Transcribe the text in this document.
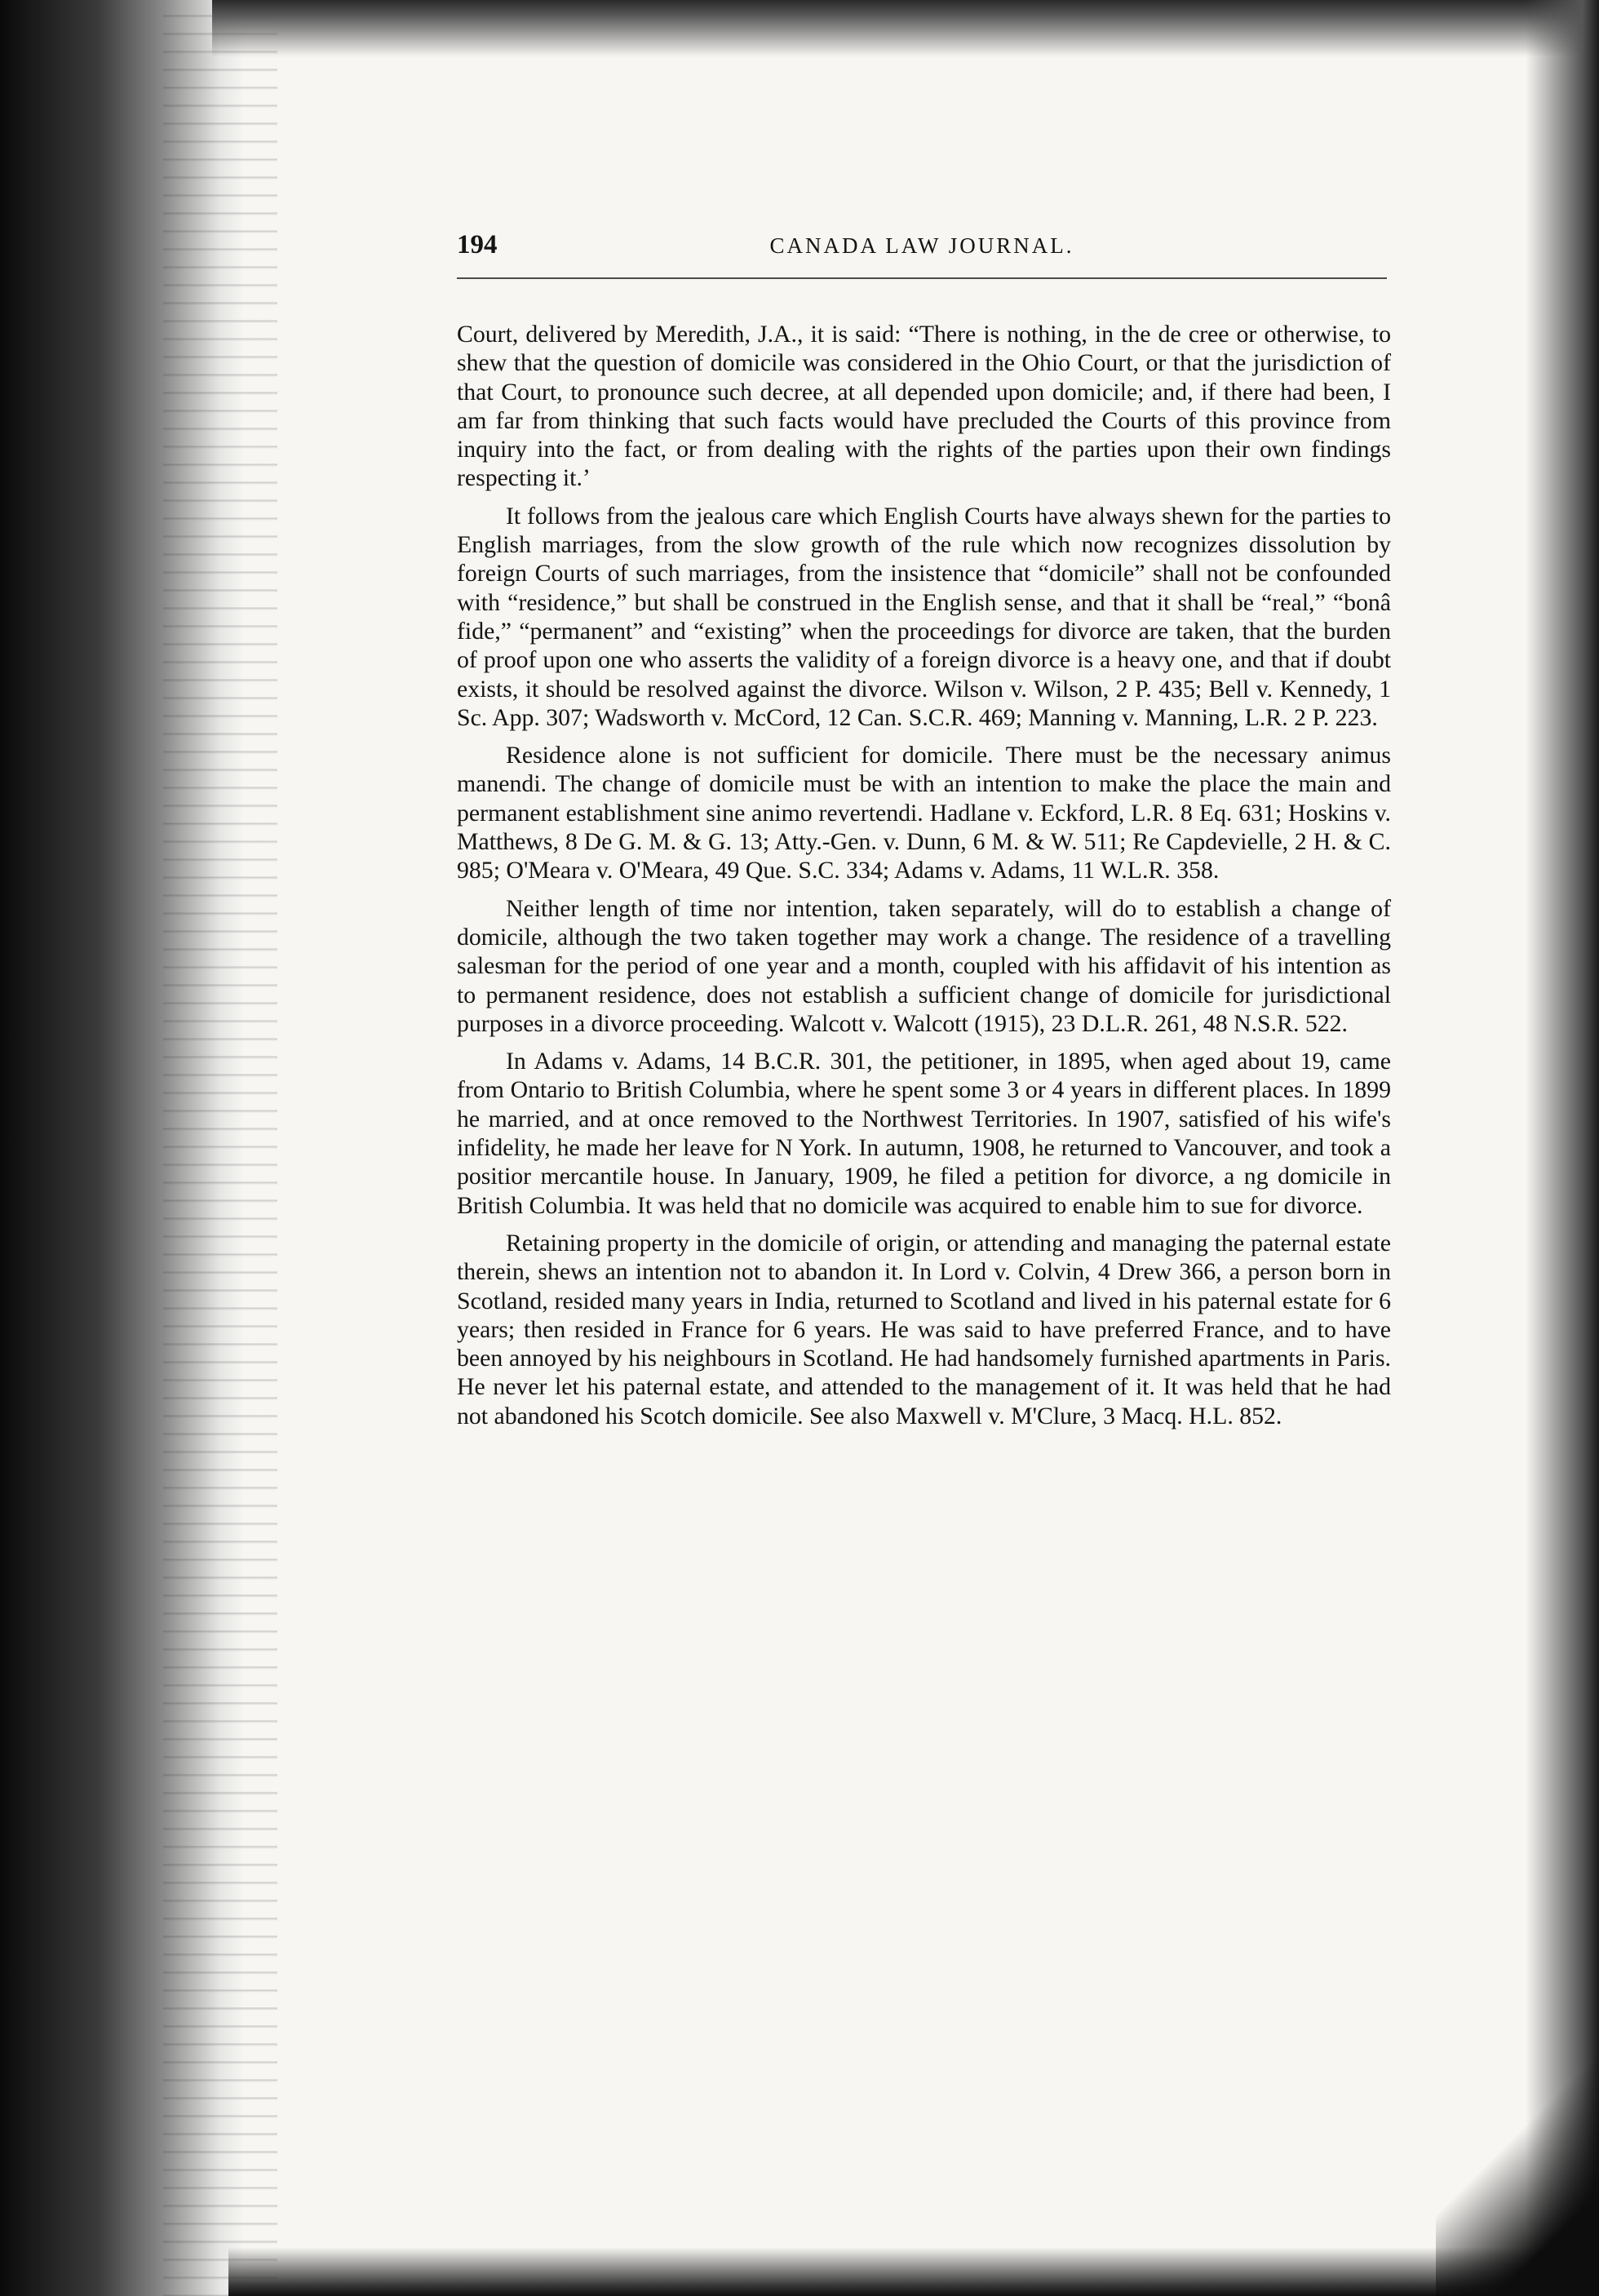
194	CANADA LAW JOURNAL.

Court, delivered by Meredith, J.A., it is said: “There is nothing, in the de cree or otherwise, to shew that the question of domicile was considered in the Ohio Court, or that the jurisdiction of that Court, to pronounce such decree, at all depended upon domicile; and, if there had been, I am far from thinking that such facts would have precluded the Courts of this province from inquiry into the fact, or from dealing with the rights of the parties upon their own findings respecting it.’

It follows from the jealous care which English Courts have always shewn for the parties to English marriages, from the slow growth of the rule which now recognizes dissolution by foreign Courts of such marriages, from the insistence that “domicile” shall not be confounded with “residence,” but shall be construed in the English sense, and that it shall be “real,” “bonâ fide,” “permanent” and “existing” when the proceedings for divorce are taken, that the burden of proof upon one who asserts the validity of a foreign divorce is a heavy one, and that if doubt exists, it should be resolved against the divorce. Wilson v. Wilson, 2 P. 435; Bell v. Kennedy, 1 Sc. App. 307; Wadsworth v. McCord, 12 Can. S.C.R. 469; Manning v. Manning, L.R. 2 P. 223.

Residence alone is not sufficient for domicile. There must be the necessary animus manendi. The change of domicile must be with an intention to make the place the main and permanent establishment sine animo revertendi. Hadlane v. Eckford, L.R. 8 Eq. 631; Hoskins v. Matthews, 8 De G. M. & G. 13; Atty.-Gen. v. Dunn, 6 M. & W. 511; Re Capdevielle, 2 H. & C. 985; O'Meara v. O'Meara, 49 Que. S.C. 334; Adams v. Adams, 11 W.L.R. 358.

Neither length of time nor intention, taken separately, will do to establish a change of domicile, although the two taken together may work a change. The residence of a travelling salesman for the period of one year and a month, coupled with his affidavit of his intention as to permanent residence, does not establish a sufficient change of domicile for jurisdictional purposes in a divorce proceeding. Walcott v. Walcott (1915), 23 D.L.R. 261, 48 N.S.R. 522.

In Adams v. Adams, 14 B.C.R. 301, the petitioner, in 1895, when aged about 19, came from Ontario to British Columbia, where he spent some 3 or 4 years in different places. In 1899 he married, and at once removed to the Northwest Territories. In 1907, satisfied of his wife's infidelity, he made her leave for N York. In autumn, 1908, he returned to Vancouver, and took a positior mercantile house. In January, 1909, he filed a petition for divorce, a ng domicile in British Columbia. It was held that no domicile was acquired to enable him to sue for divorce.

Retaining property in the domicile of origin, or attending and managing the paternal estate therein, shews an intention not to abandon it. In Lord v. Colvin, 4 Drew 366, a person born in Scotland, resided many years in India, returned to Scotland and lived in his paternal estate for 6 years; then resided in France for 6 years. He was said to have preferred France, and to have been annoyed by his neighbours in Scotland. He had handsomely furnished apartments in Paris. He never let his paternal estate, and attended to the management of it. It was held that he had not abandoned his Scotch domicile. See also Maxwell v. M'Clure, 3 Macq. H.L. 852.
